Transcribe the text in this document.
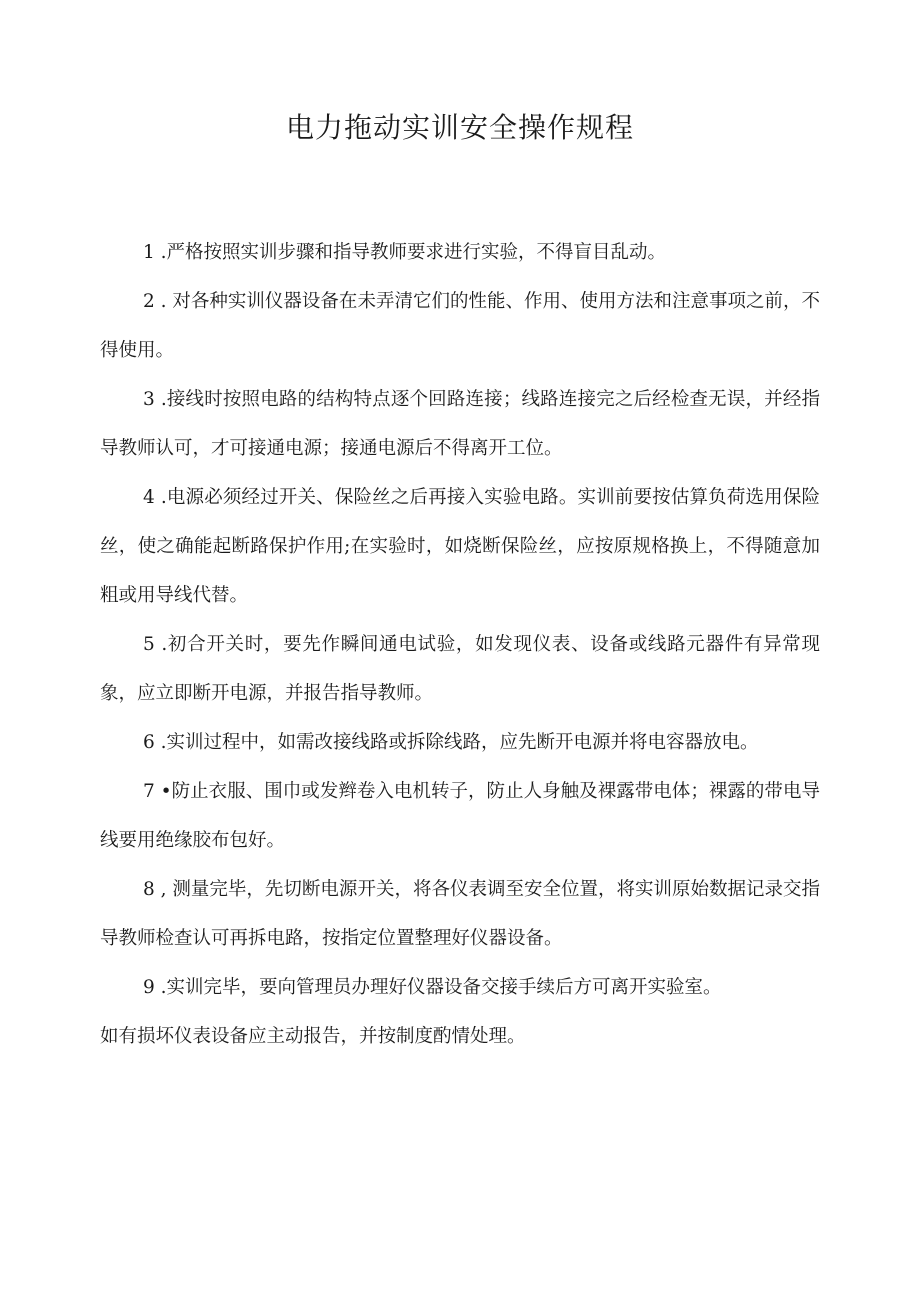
电力拖动实训安全操作规程

1 .严格按照实训步骤和指导教师要求进行实验，不得盲目乱动。

2 . 对各种实训仪器设备在未弄清它们的性能、作用、使用方法和注意事项之前，不得使用。

3 .接线时按照电路的结构特点逐个回路连接；线路连接完之后经检查无误，并经指导教师认可，才可接通电源；接通电源后不得离开工位。

4 .电源必须经过开关、保险丝之后再接入实验电路。实训前要按估算负荷选用保险丝，使之确能起断路保护作用;在实验时，如烧断保险丝，应按原规格换上，不得随意加粗或用导线代替。

5 .初合开关时，要先作瞬间通电试验，如发现仪表、设备或线路元器件有异常现象，应立即断开电源，并报告指导教师。

6 .实训过程中，如需改接线路或拆除线路，应先断开电源并将电容器放电。

7 •防止衣服、围巾或发辫卷入电机转子，防止人身触及裸露带电体；裸露的带电导线要用绝缘胶布包好。

8 , 测量完毕，先切断电源开关，将各仪表调至安全位置，将实训原始数据记录交指导教师检查认可再拆电路，按指定位置整理好仪器设备。

9 .实训完毕，要向管理员办理好仪器设备交接手续后方可离开实验室。

如有损坏仪表设备应主动报告，并按制度酌情处理。
